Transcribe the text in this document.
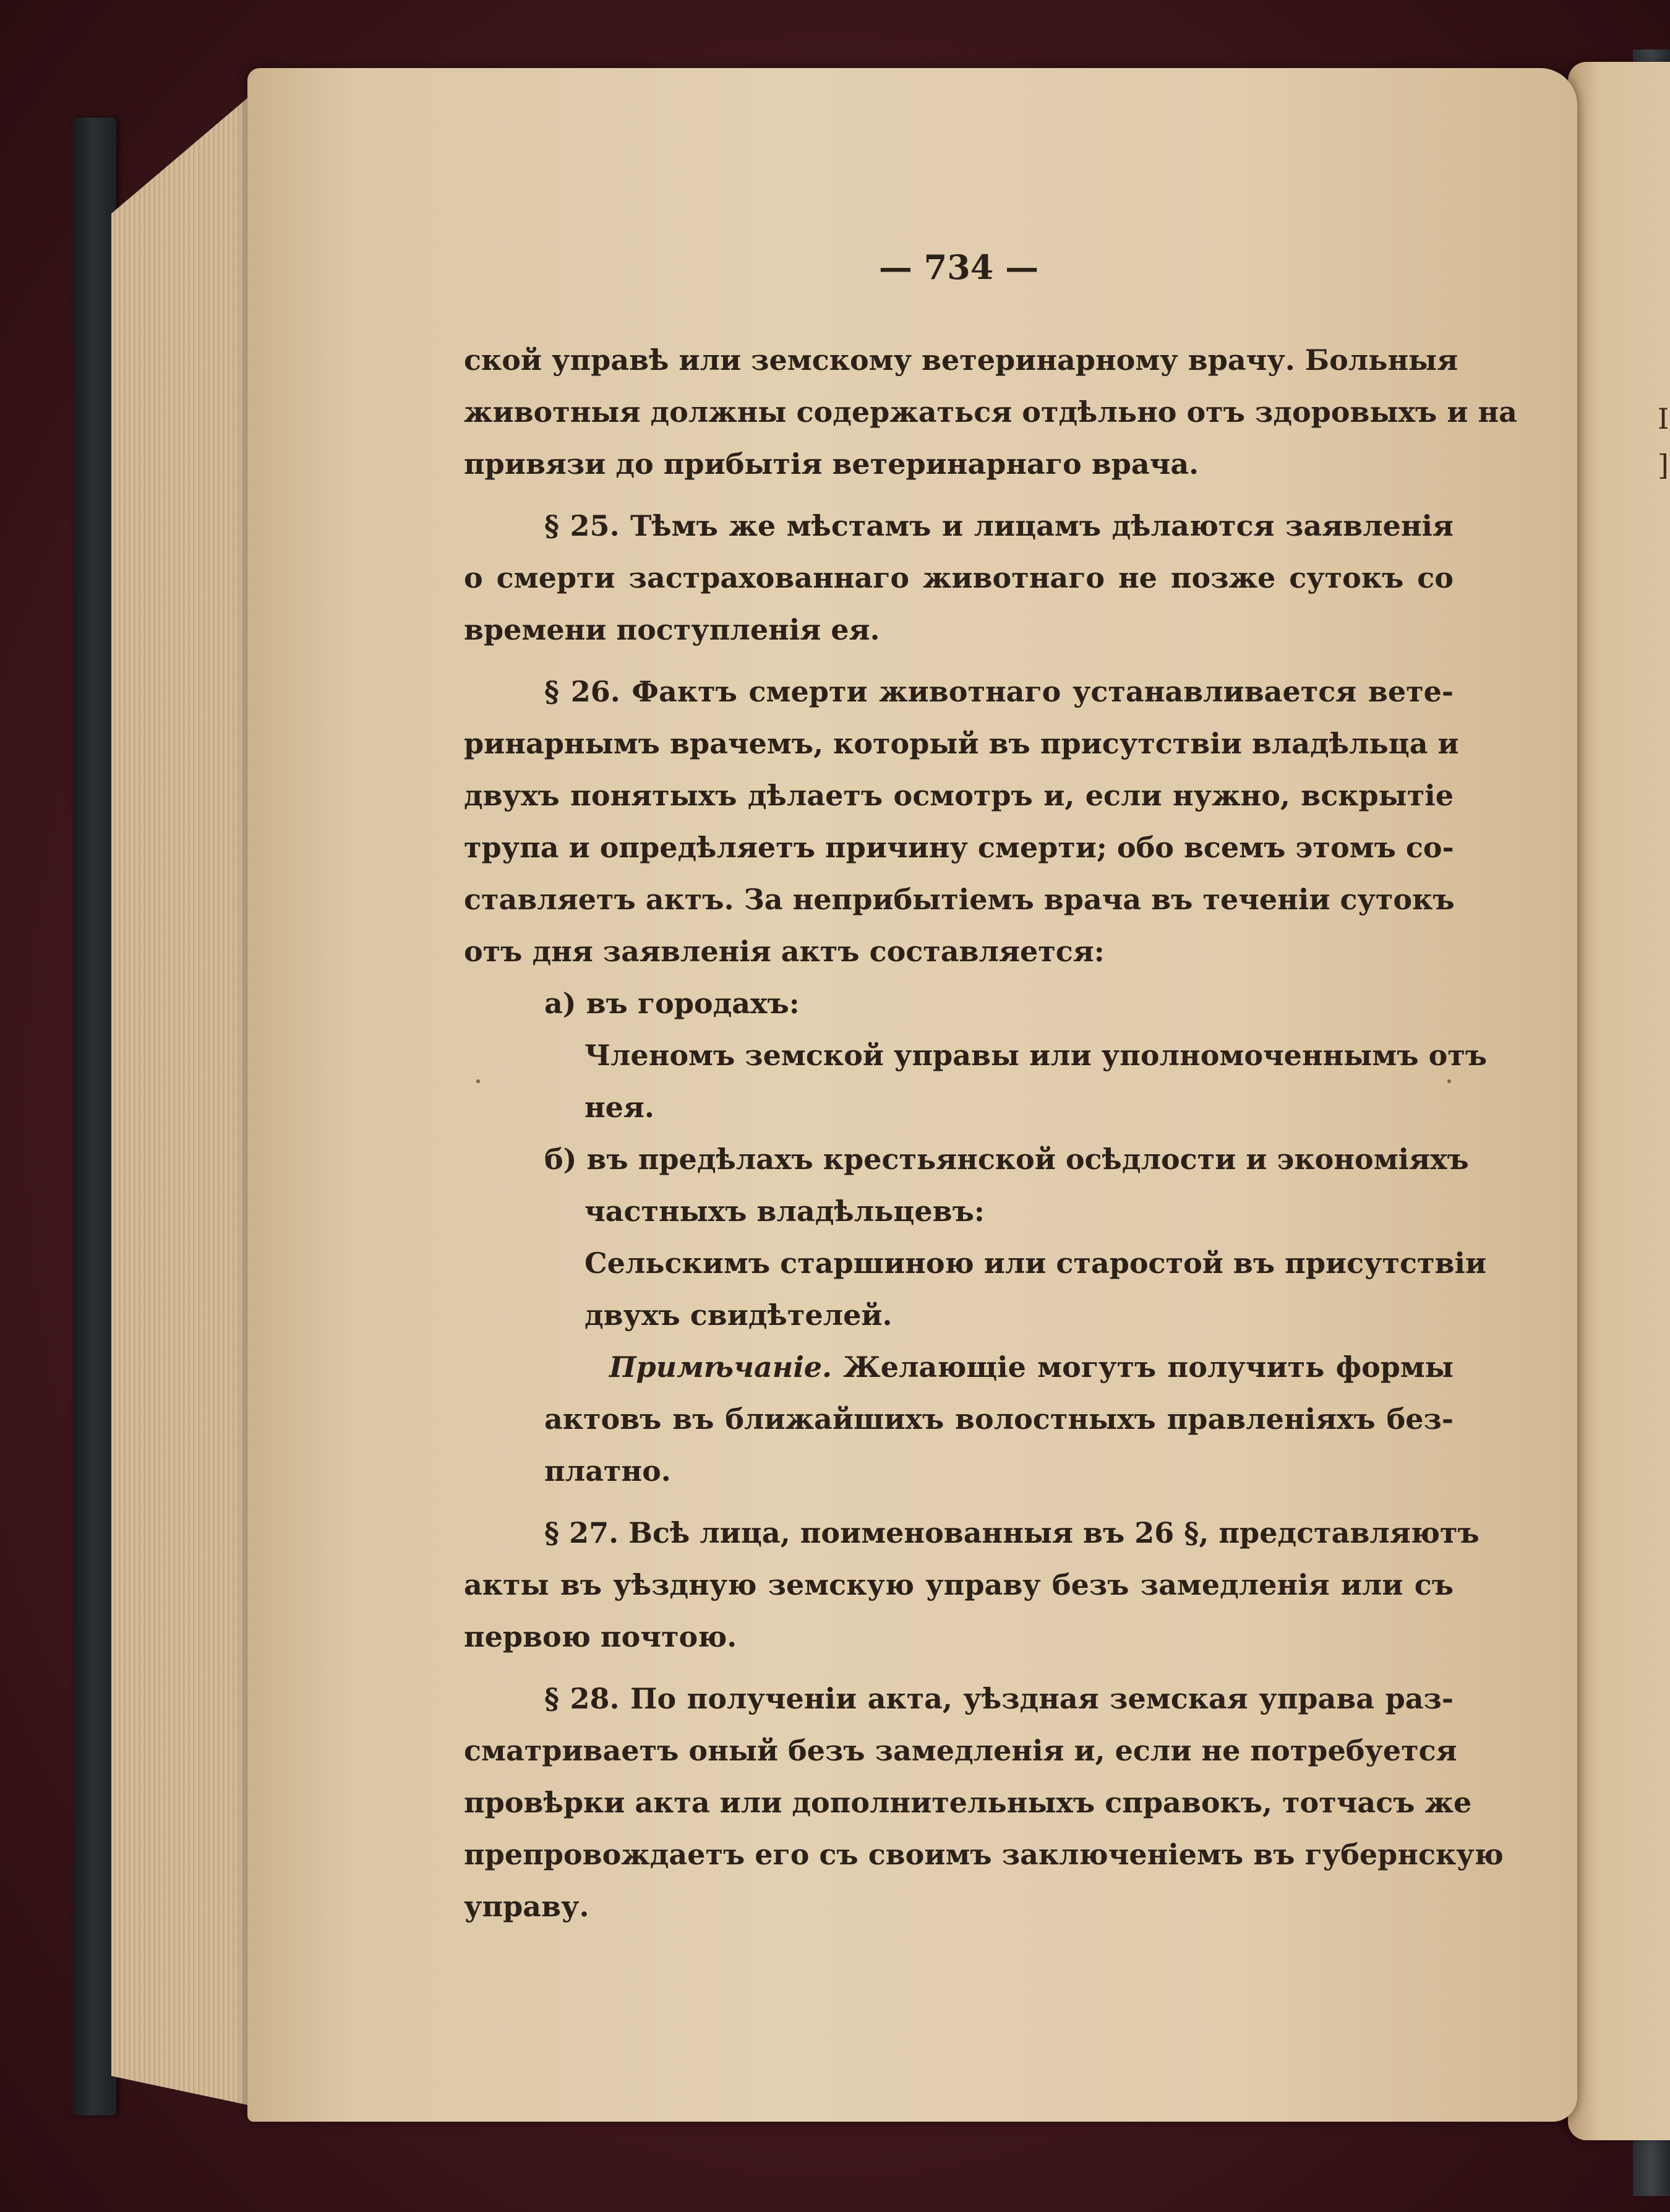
I
]
— 734 —
ской управѣ или земскому ветеринарному врачу. Больныя
животныя должны содержаться отдѣльно отъ здоровыхъ и на
привязи до прибытія ветеринарнаго врача.
§ 25. Тѣмъ же мѣстамъ и лицамъ дѣлаются заявленія
о смерти застрахованнаго животнаго не позже сутокъ со
времени поступленія ея.
§ 26. Фактъ смерти животнаго устанавливается вете-
ринарнымъ врачемъ, который въ присутствіи владѣльца и
двухъ понятыхъ дѣлаетъ осмотръ и, если нужно, вскрытіе
трупа и опредѣляетъ причину смерти; обо всемъ этомъ со-
ставляетъ актъ. За неприбытіемъ врача въ теченіи сутокъ
отъ дня заявленія актъ составляется:
а) въ городахъ:
Членомъ земской управы или уполномоченнымъ отъ
нея.
б) въ предѣлахъ крестьянской осѣдлости и экономіяхъ
частныхъ владѣльцевъ:
Сельскимъ старшиною или старостой въ присутствіи
двухъ свидѣтелей.
Примѣчаніе. Желающіе могутъ получить формы
актовъ въ ближайшихъ волостныхъ правленіяхъ без-
платно.
§ 27. Всѣ лица, поименованныя въ 26 §, представляютъ
акты въ уѣздную земскую управу безъ замедленія или съ
первою почтою.
§ 28. По полученіи акта, уѣздная земская управа раз-
сматриваетъ оный безъ замедленія и, если не потребуется
провѣрки акта или дополнительныхъ справокъ, тотчасъ же
препровождаетъ его съ своимъ заключеніемъ въ губернскую
управу.
